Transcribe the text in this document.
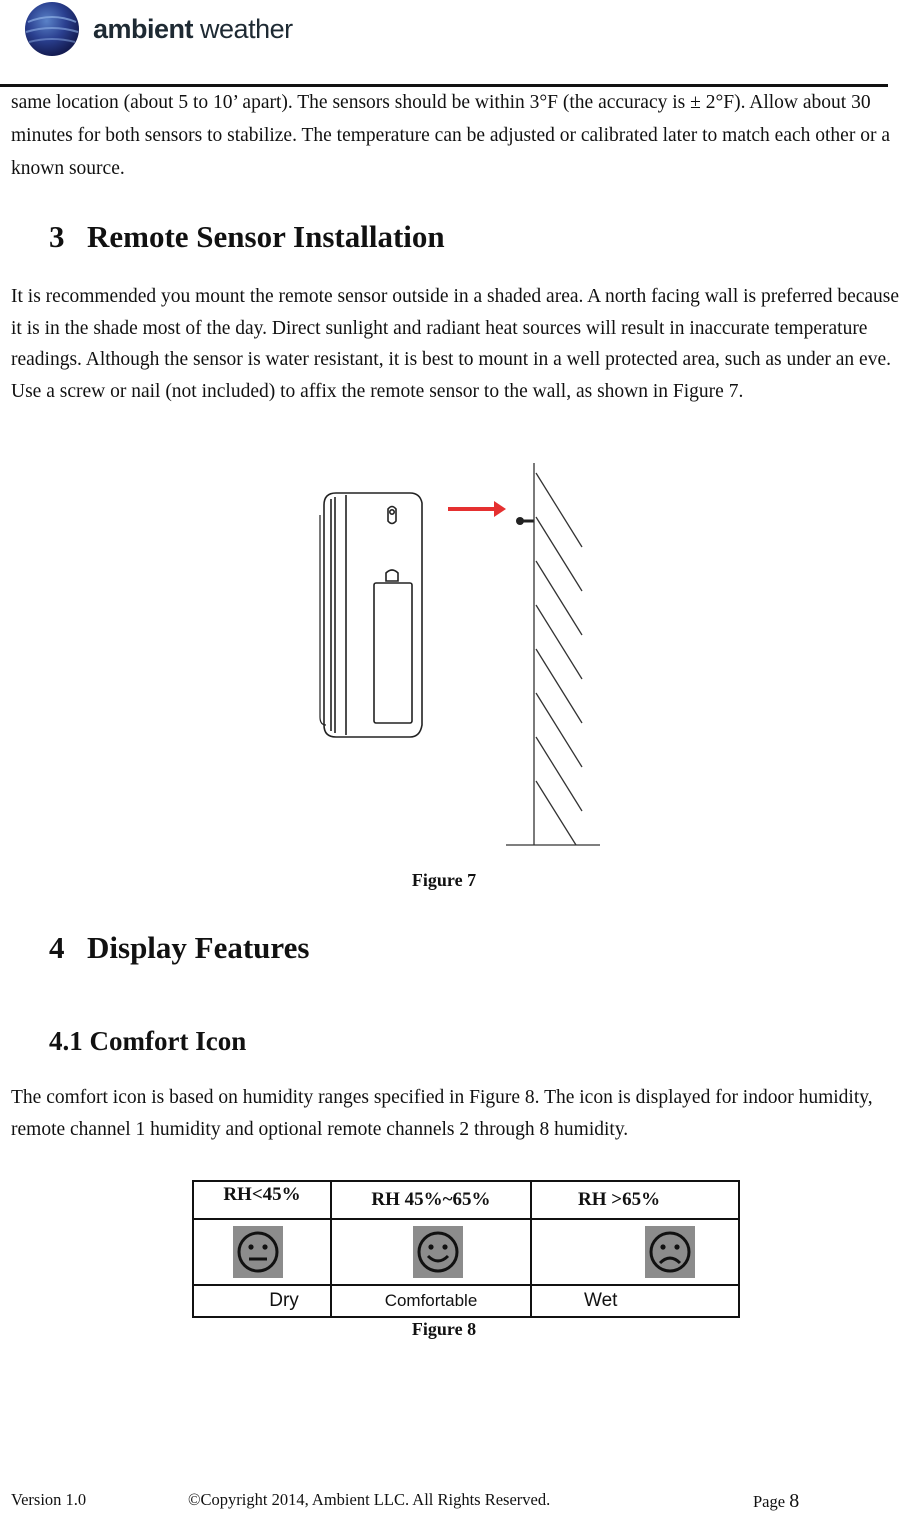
ambient weather

same location (about 5 to 10’ apart). The sensors should be within 3°F (the accuracy is ± 2°F). Allow about 30 minutes for both sensors to stabilize. The temperature can be adjusted or calibrated later to match each other or a known source.

3 Remote Sensor Installation

It is recommended you mount the remote sensor outside in a shaded area. A north facing wall is preferred because it is in the shade most of the day. Direct sunlight and radiant heat sources will result in inaccurate temperature readings. Although the sensor is water resistant, it is best to mount in a well protected area, such as under an eve. Use a screw or nail (not included) to affix the remote sensor to the wall, as shown in Figure 7.

Figure 7
4 Display Features
4.1 Comfort Icon

The comfort icon is based on humidity ranges specified in Figure 8. The icon is displayed for indoor humidity, remote channel 1 humidity and optional remote channels 2 through 8 humidity.

RH<45%	RH 45%~65%	RH >65%

Dry	Comfortable	Wet
Figure 8
Version 1.0	©Copyright 2014, Ambient LLC. All Rights Reserved.	Page 8
